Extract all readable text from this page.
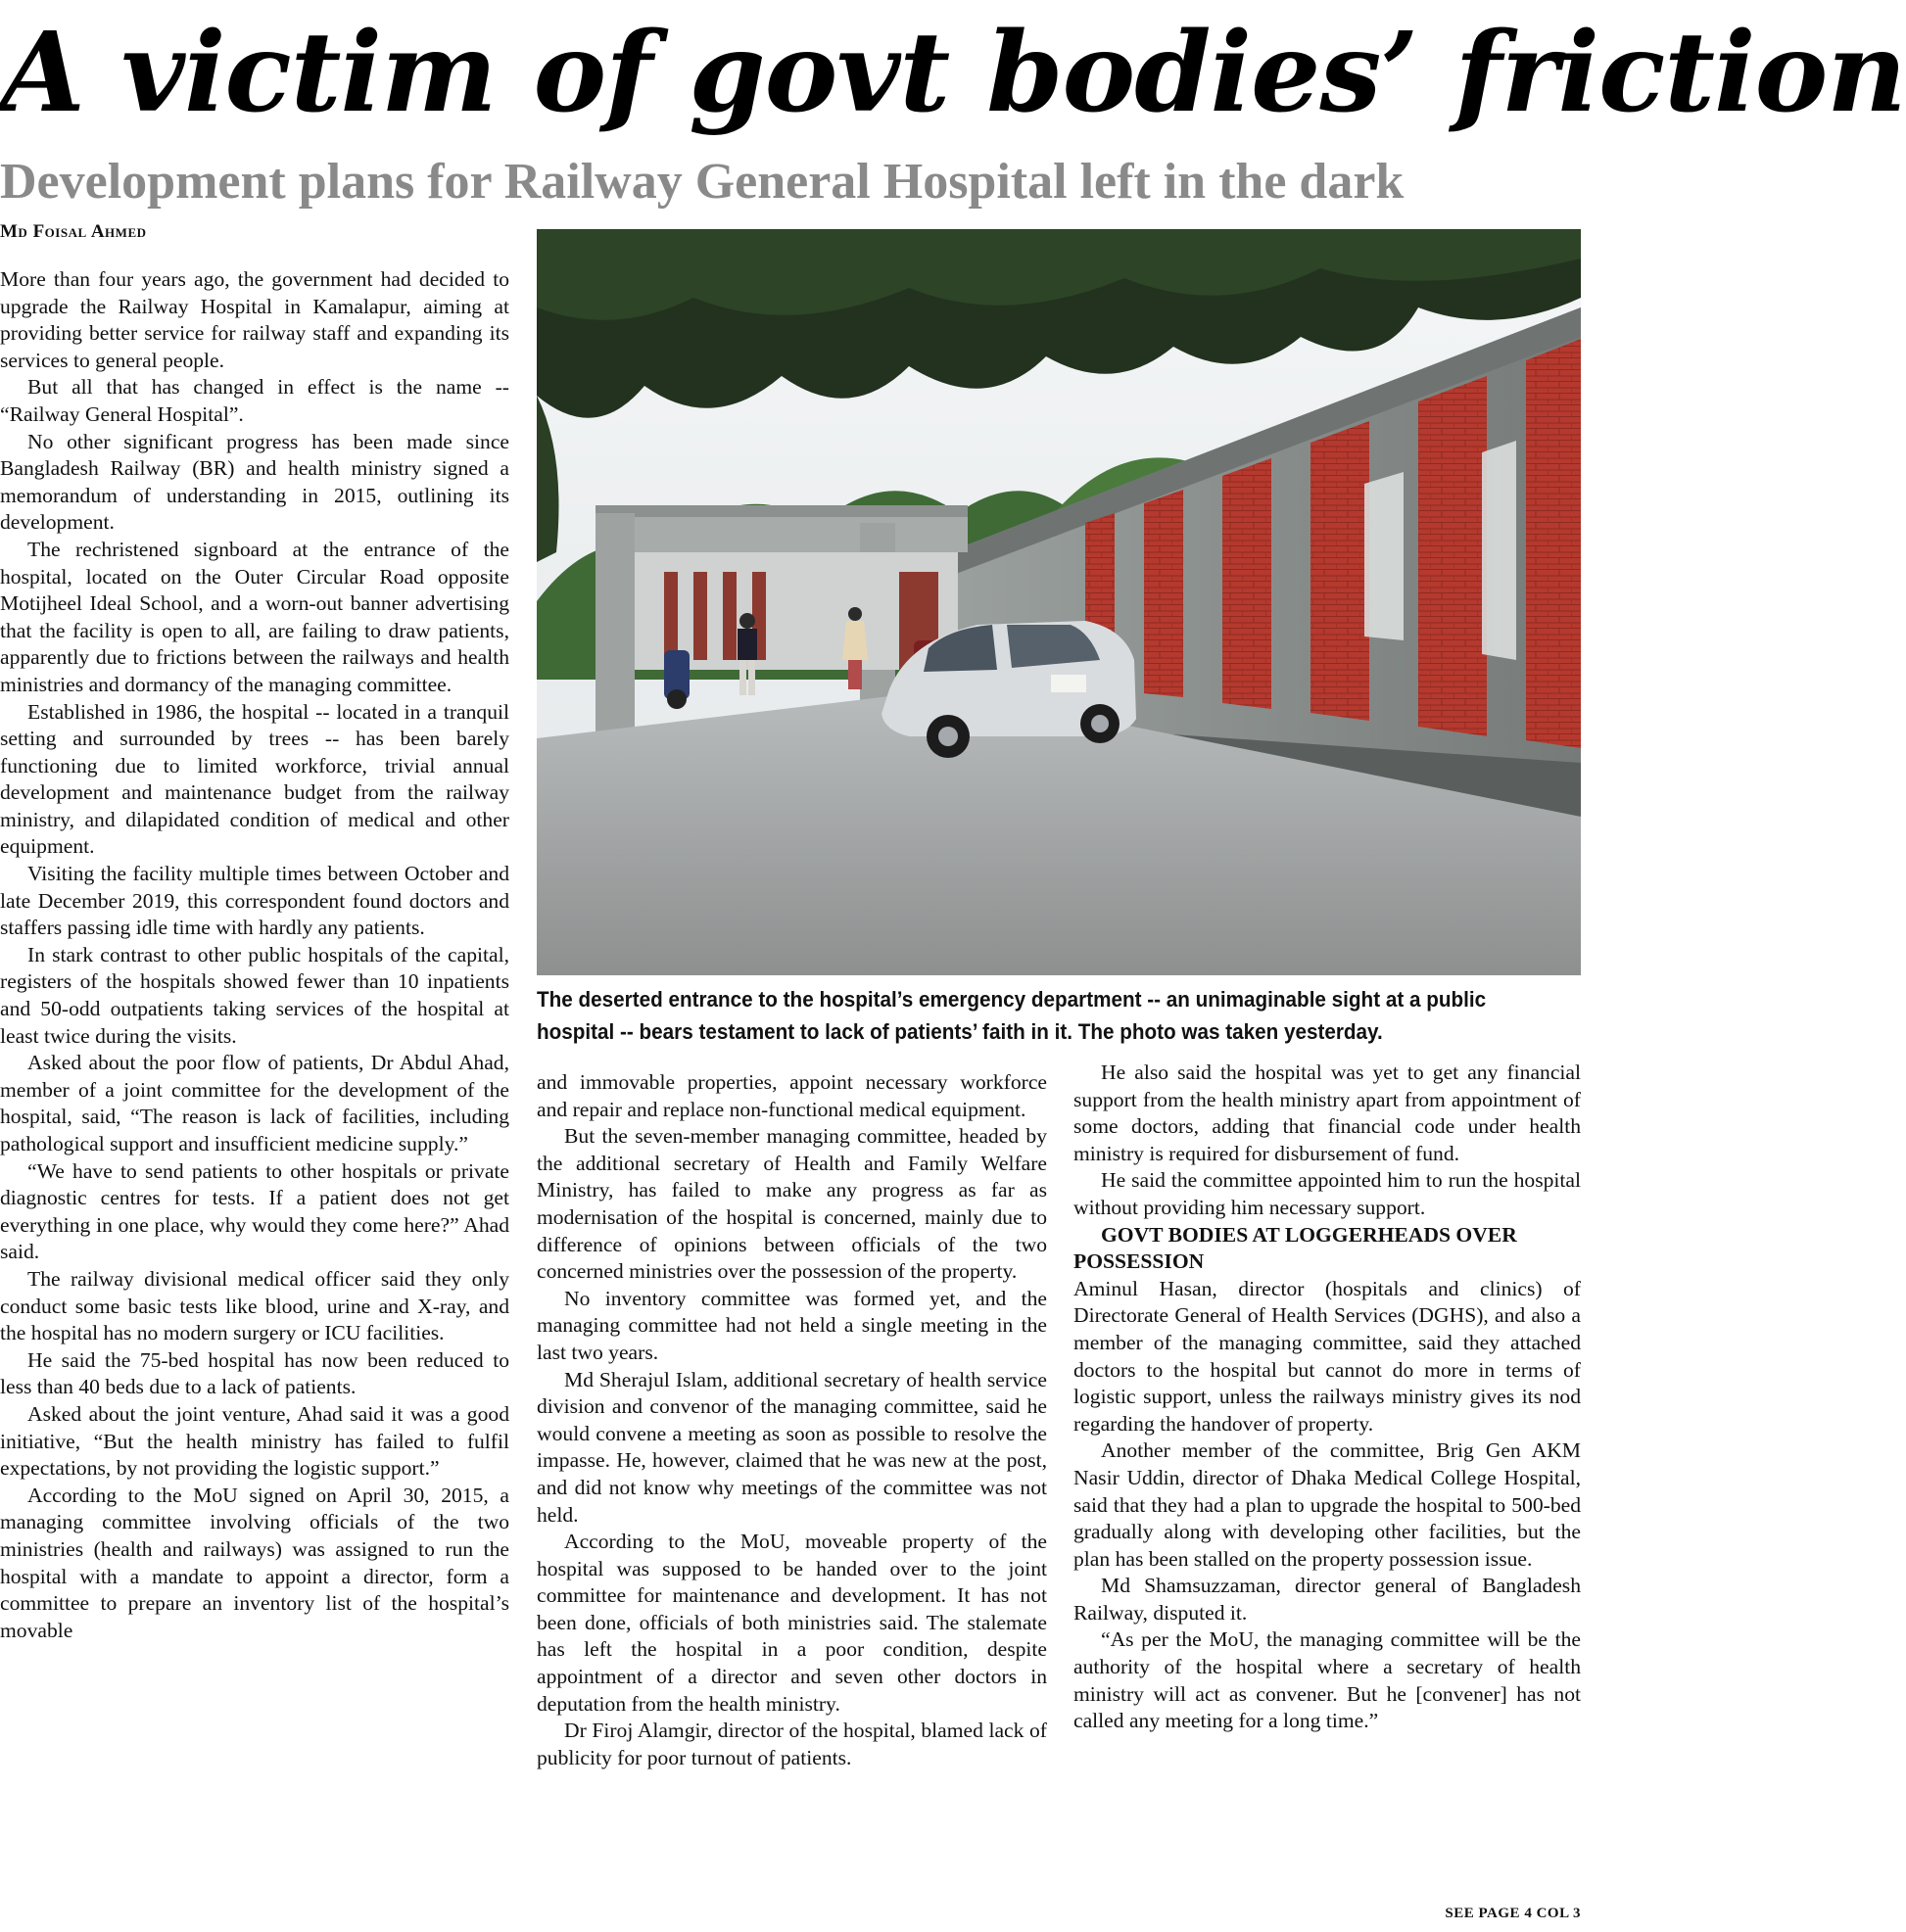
A victim of govt bodies’ friction
Development plans for Railway General Hospital left in the dark
Md Foisal Ahmed

More than four years ago, the government had decided to upgrade the Railway Hospital in Kamalapur, aiming at providing better service for railway staff and expanding its services to general people.

But all that has changed in effect is the name -- “Railway General Hospital”.

No other significant progress has been made since Bangladesh Railway (BR) and health ministry signed a memorandum of understanding in 2015, outlining its development.

The rechristened signboard at the entrance of the hospital, located on the Outer Circular Road opposite Motijheel Ideal School, and a worn-out banner advertising that the facility is open to all, are failing to draw patients, apparently due to frictions between the railways and health ministries and dormancy of the managing committee.

Established in 1986, the hospital -- located in a tranquil setting and surrounded by trees -- has been barely functioning due to limited workforce, trivial annual development and maintenance budget from the railway ministry, and dilapidated condition of medical and other equipment.

Visiting the facility multiple times between October and late December 2019, this correspondent found doctors and staffers passing idle time with hardly any patients.

In stark contrast to other public hospitals of the capital, registers of the hospitals showed fewer than 10 inpatients and 50-odd outpatients taking services of the hospital at least twice during the visits.

Asked about the poor flow of patients, Dr Abdul Ahad, member of a joint committee for the development of the hospital, said, “The reason is lack of facilities, including pathological support and insufficient medicine supply.”

“We have to send patients to other hospitals or private diagnostic centres for tests. If a patient does not get everything in one place, why would they come here?” Ahad said.

The railway divisional medical officer said they only conduct some basic tests like blood, urine and X-ray, and the hospital has no modern surgery or ICU facilities.

He said the 75-bed hospital has now been reduced to less than 40 beds due to a lack of patients.

Asked about the joint venture, Ahad said it was a good initiative, “But the health ministry has failed to fulfil expectations, by not providing the logistic support.”

According to the MoU signed on April 30, 2015, a managing committee involving officials of the two ministries (health and railways) was assigned to run the hospital with a mandate to appoint a director, form a committee to prepare an inventory list of the hospital’s movable

The deserted entrance to the hospital’s emergency department -- an unimaginable sight at a public hospital -- bears testament to lack of patients’ faith in it. The photo was taken yesterday.

and immovable properties, appoint necessary workforce and repair and replace non-functional medical equipment.

But the seven-member managing committee, headed by the additional secretary of Health and Family Welfare Ministry, has failed to make any progress as far as modernisation of the hospital is concerned, mainly due to difference of opinions between officials of the two concerned ministries over the possession of the property.

No inventory committee was formed yet, and the managing committee had not held a single meeting in the last two years.

Md Sherajul Islam, additional secretary of health service division and convenor of the managing committee, said he would convene a meeting as soon as possible to resolve the impasse. He, however, claimed that he was new at the post, and did not know why meetings of the committee was not held.

According to the MoU, moveable property of the hospital was supposed to be handed over to the joint committee for maintenance and development. It has not been done, officials of both ministries said. The stalemate has left the hospital in a poor condition, despite appointment of a director and seven other doctors in deputation from the health ministry.

Dr Firoj Alamgir, director of the hospital, blamed lack of publicity for poor turnout of patients.

He also said the hospital was yet to get any financial support from the health ministry apart from appointment of some doctors, adding that financial code under health ministry is required for disbursement of fund.

He said the committee appointed him to run the hospital without providing him necessary support.

GOVT BODIES AT LOGGERHEADS OVER POSSESSION

Aminul Hasan, director (hospitals and clinics) of Directorate General of Health Services (DGHS), and also a member of the managing committee, said they attached doctors to the hospital but cannot do more in terms of logistic support, unless the railways ministry gives its nod regarding the handover of property.

Another member of the committee, Brig Gen AKM Nasir Uddin, director of Dhaka Medical College Hospital, said that they had a plan to upgrade the hospital to 500-bed gradually along with developing other facilities, but the plan has been stalled on the property possession issue.

Md Shamsuzzaman, director general of Bangladesh Railway, disputed it.

“As per the MoU, the managing committee will be the authority of the hospital where a secretary of health ministry will act as convener. But he [convener] has not called any meeting for a long time.”

SEE PAGE 4 COL 3
